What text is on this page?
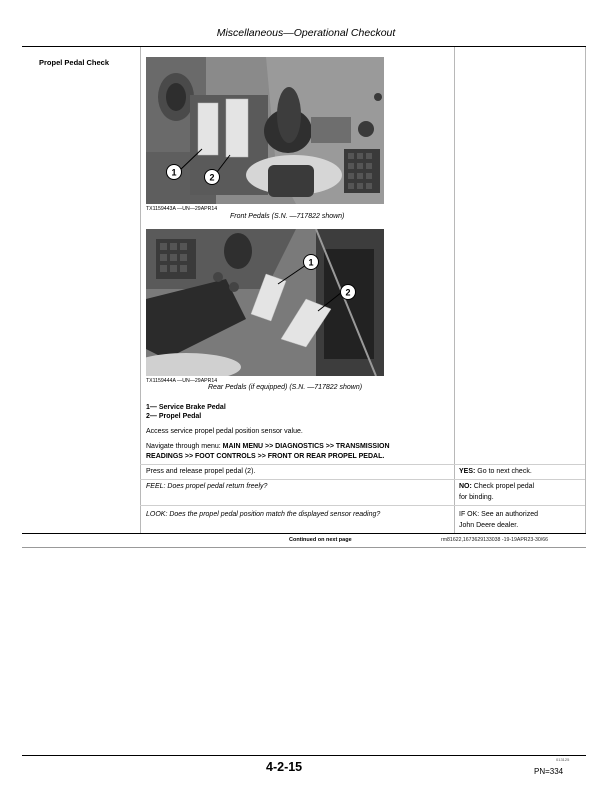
Miscellaneous—Operational Checkout
Propel Pedal Check
1	2
TX1159443A —UN—29APR14
Front Pedals (S.N. —717822 shown)
1
2
TX1159444A —UN—29APR14
Rear Pedals (if equipped) (S.N. —717822 shown)
1— Service Brake Pedal
2— Propel Pedal
Access service propel pedal position sensor value.
Navigate through menu: MAIN MENU >> DIAGNOSTICS >> TRANSMISSION
READINGS >> FOOT CONTROLS >> FRONT OR REAR PROPEL PEDAL.
Press and release propel pedal (2).
FEEL: Does propel pedal return freely?
LOOK: Does the propel pedal position match the displayed sensor reading?
YES: Go to next check.
NO: Check propel pedal
for binding.
IF OK: See an authorized
John Deere dealer.
Continued on next page	rm81622,1673629133038 -19-19APR23-30/66
4-2-15
013125
PN=334
